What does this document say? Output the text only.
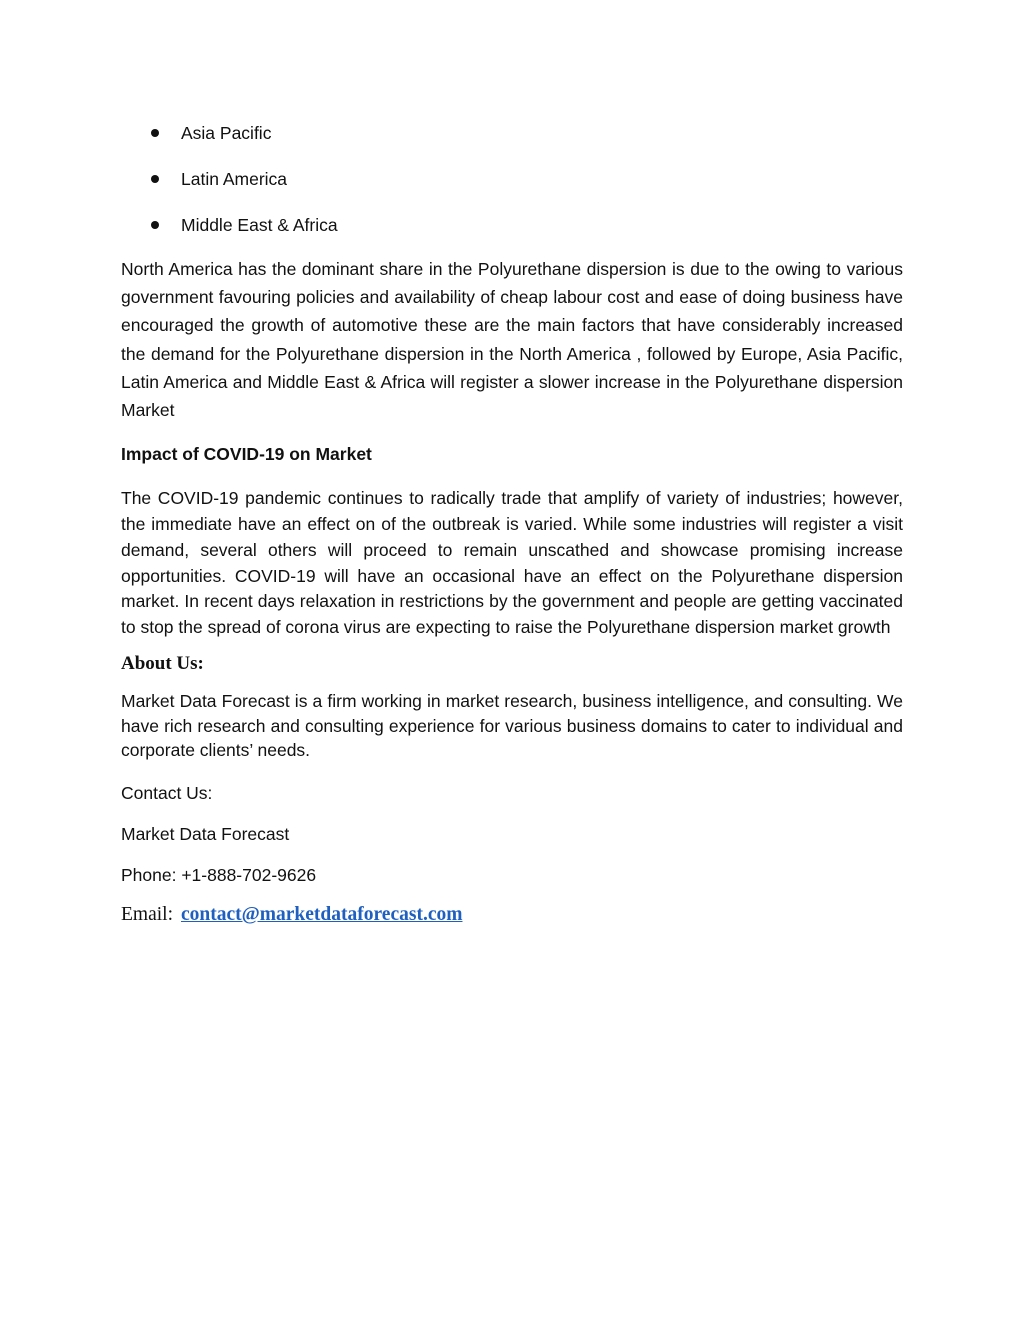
Asia Pacific
Latin America
Middle East & Africa

North America has the dominant share in the Polyurethane dispersion is due to the owing to various government favouring policies and availability of cheap labour cost and ease of doing business have encouraged the growth of automotive these are the main factors that have considerably increased the demand for the Polyurethane dispersion in the North America , followed by Europe, Asia Pacific, Latin America and Middle East & Africa will register a slower increase in the Polyurethane dispersion Market

Impact of COVID-19 on Market

The COVID-19 pandemic continues to radically trade that amplify of variety of industries; however, the immediate have an effect on of the outbreak is varied. While some industries will register a visit demand, several others will proceed to remain unscathed and showcase promising increase opportunities. COVID-19 will have an occasional have an effect on the Polyurethane dispersion market. In recent days relaxation in restrictions by the government and people are getting vaccinated to stop the spread of corona virus are expecting to raise the Polyurethane dispersion market growth

About Us:

Market Data Forecast is a firm working in market research, business intelligence, and consulting. We have rich research and consulting experience for various business domains to cater to individual and corporate clients’ needs.

Contact Us:

Market Data Forecast

Phone: +1-888-702-9626

Email: contact@marketdataforecast.com
